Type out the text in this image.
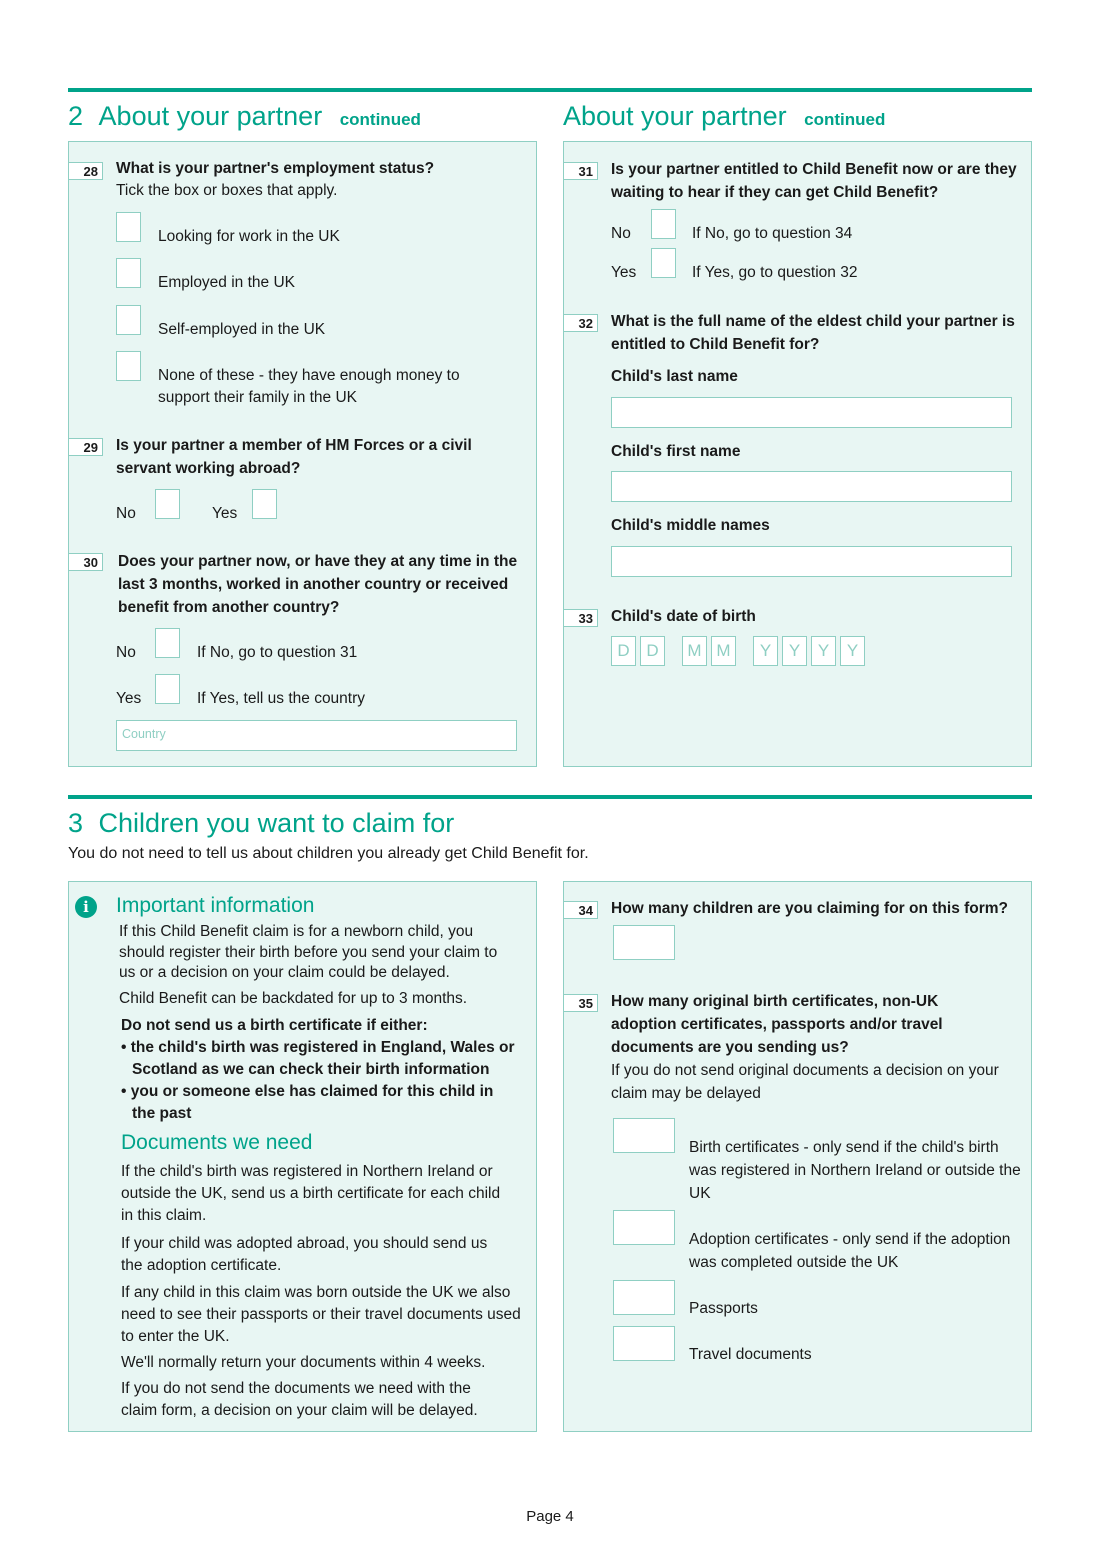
2 About your partner continued	About your partner continued
28	What is your partner's employment status?
Tick the box or boxes that apply.
Looking for work in the UK
Employed in the UK
Self-employed in the UK
None of these - they have enough money to support their family in the UK
29	Is your partner a member of HM Forces or a civil servant working abroad?
No	Yes
30	Does your partner now, or have they at any time in the last 3 months, worked in another country or received benefit from another country?
No	If No, go to question 31
Yes	If Yes, tell us the country
Country
31	Is your partner entitled to Child Benefit now or are they waiting to hear if they can get Child Benefit?
No	If No, go to question 34
Yes	If Yes, go to question 32
32	What is the full name of the eldest child your partner is entitled to Child Benefit for?
Child's last name
Child's first name
Child's middle names
33	Child's date of birth
D D	M M	Y	Y	Y	Y
3 Children you want to claim for
You do not need to tell us about children you already get Child Benefit for.
i	Important information
If this Child Benefit claim is for a newborn child, you should register their birth before you send your claim to us or a decision on your claim could be delayed.
Child Benefit can be backdated for up to 3 months.
Do not send us a birth certificate if either:
• the child's birth was registered in England, Wales or Scotland as we can check their birth information
• you or someone else has claimed for this child in the past
Documents we need
If the child's birth was registered in Northern Ireland or outside the UK, send us a birth certificate for each child in this claim.
If your child was adopted abroad, you should send us the adoption certificate.
If any child in this claim was born outside the UK we also need to see their passports or their travel documents used to enter the UK.
We'll normally return your documents within 4 weeks.
If you do not send the documents we need with the claim form, a decision on your claim will be delayed.
34	How many children are you claiming for on this form?
35	How many original birth certificates, non-UK adoption certificates, passports and/or travel documents are you sending us?
If you do not send original documents a decision on your claim may be delayed
Birth certificates - only send if the child's birth was registered in Northern Ireland or outside the UK
Adoption certificates - only send if the adoption was completed outside the UK
Passports
Travel documents
Page 4
